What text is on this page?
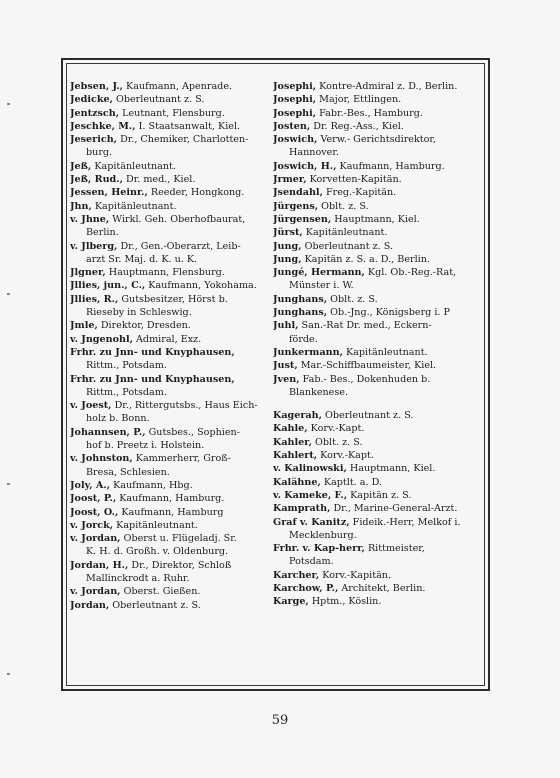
Jebsen, J., Kaufmann, Apenrade.
Jedicke, Oberleutnant z. S.
Jentzsch, Leutnant, Flensburg.
Jeschke, M., I. Staatsanwalt, Kiel.
Jeserich, Dr., Chemiker, Charlotten-
burg.
Jeß, Kapitänleutnant.
Jeß, Rud., Dr. med., Kiel.
Jessen, Heinr., Reeder, Hongkong.
Jhn, Kapitänleutnant.
v. Jhne, Wirkl. Geh. Oberhofbaurat,
Berlin.
v. Jlberg, Dr., Gen.-Oberarzt, Leib-
arzt Sr. Maj. d. K. u. K.
Jlgner, Hauptmann, Flensburg.
Jllies, jun., C., Kaufmann, Yokohama.
Jllies, R., Gutsbesitzer, Hörst b.
Rieseby in Schleswig.
Jmle, Direktor, Dresden.
v. Jngenohl, Admiral, Exz.
Frhr. zu Jnn- und Knyphausen,
Rittm., Potsdam.
Frhr. zu Jnn- und Knyphausen,
Rittm., Potsdam.
v. Joest, Dr., Rittergutsbs., Haus Eich-
holz b. Bonn.
Johannsen, P., Gutsbes., Sophien-
hof b. Preetz i. Holstein.
v. Johnston, Kammerherr, Groß-
Bresa, Schlesien.
Joly, A., Kaufmann, Hbg.
Joost, P., Kaufmann, Hamburg.
Joost, O., Kaufmann, Hamburg
v. Jorck, Kapitänleutnant.
v. Jordan, Oberst u. Flügeladj. Sr.
K. H. d. Großh. v. Oldenburg.
Jordan, H., Dr., Direktor, Schloß
Mallinckrodt a. Ruhr.
v. Jordan, Oberst. Gießen.
Jordan, Oberleutnant z. S.
Josephi, Kontre-Admiral z. D., Berlin.
Josephi, Major, Ettlingen.
Josephi, Fabr.-Bes., Hamburg.
Josten, Dr. Reg.-Ass., Kiel.
Joswich, Verw.- Gerichtsdirektor,
Hannover.
Joswich, H., Kaufmann, Hamburg.
Jrmer, Korvetten-Kapitän.
Jsendahl, Freg.-Kapitän.
Jürgens, Oblt. z. S.
Jürgensen, Hauptmann, Kiel.
Jürst, Kapitänleutnant.
Jung, Oberleutnant z. S.
Jung, Kapitän z. S. a. D., Berlin.
Jungé, Hermann, Kgl. Ob.-Reg.-Rat,
Münster i. W.
Junghans, Oblt. z. S.
Junghans, Ob.-Jng., Königsberg i. P
Juhl, San.-Rat Dr. med., Eckern-
förde.
Junkermann, Kapitänleutnant.
Just, Mar.-Schiffbaumeister, Kiel.
Jven, Fab.- Bes., Dokenhuden b.
Blankenese.
Kagerah, Oberleutnant z. S.
Kahle, Korv.-Kapt.
Kahler, Oblt. z. S.
Kahlert, Korv.-Kapt.
v. Kalinowski, Hauptmann, Kiel.
Kalähne, Kaptlt. a. D.
v. Kameke, F., Kapitän z. S.
Kamprath, Dr., Marine-General-Arzt.
Graf v. Kanitz, Fideik.-Herr, Melkof i.
Mecklenburg.
Frhr. v. Kap-herr, Rittmeister,
Potsdam.
Karcher, Korv.-Kapitän.
Karchow, P., Architekt, Berlin.
Karge, Hptm., Köslin.
59
